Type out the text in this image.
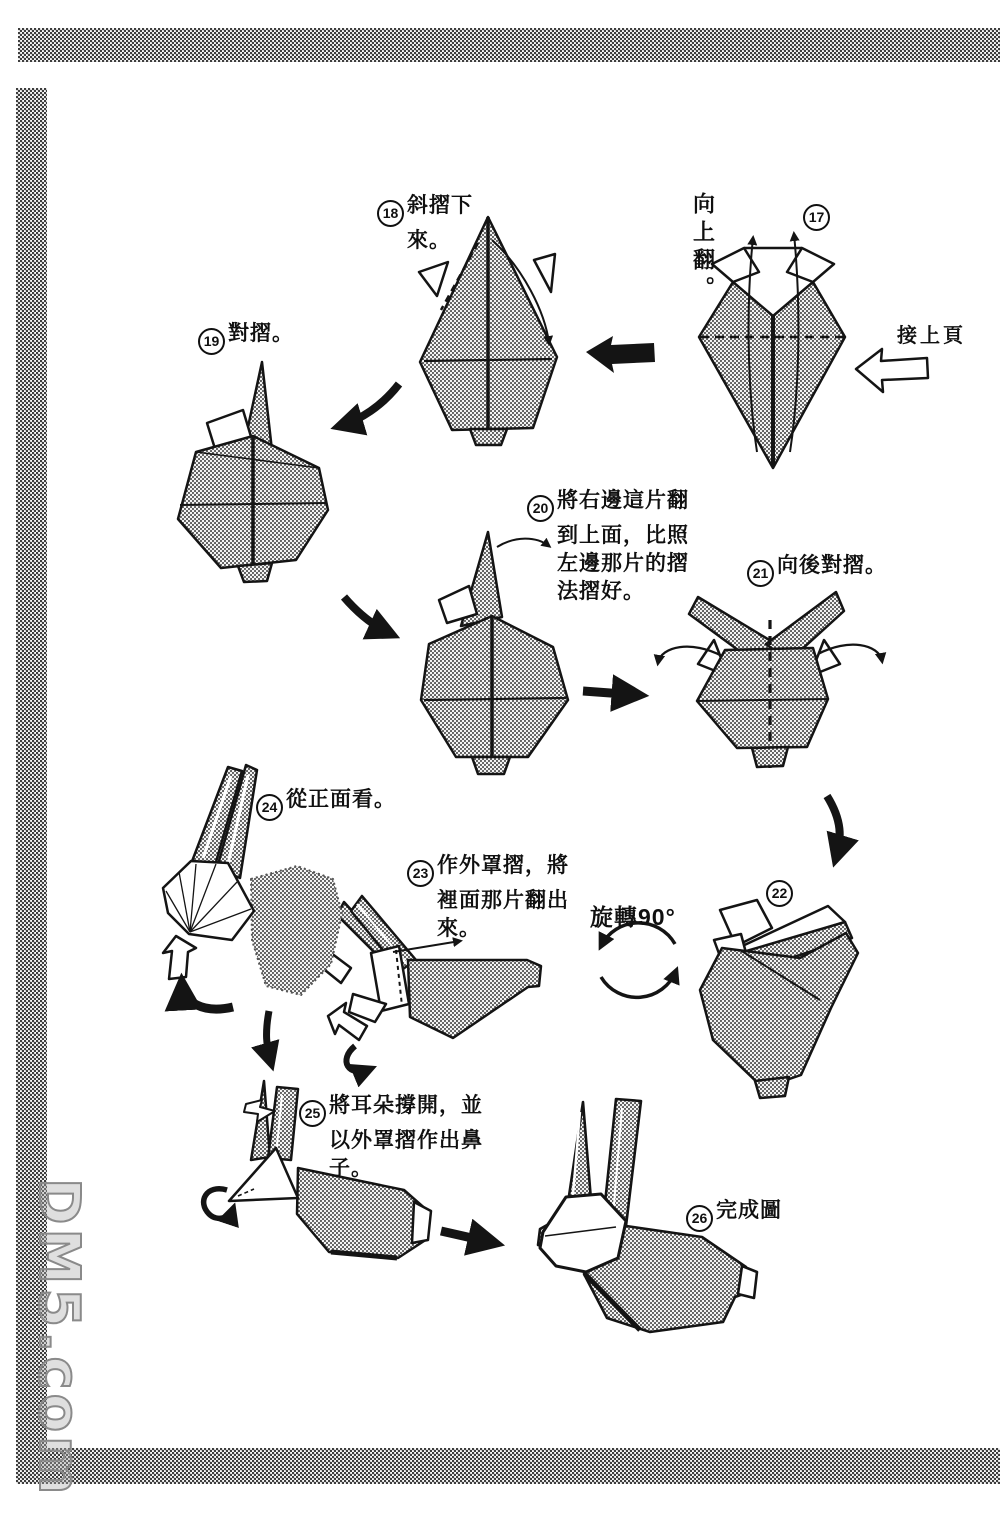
向上翻。	17
接上頁
18 斜摺下來。
19 對摺。
20 將右邊這片翻到上面，比照左邊那片的摺法摺好。
21 向後對摺。
22
23 作外罩摺，將裡面那片翻出來。	旋轉90°
24 從正面看。
25 將耳朵撐開，並以外罩摺作出鼻子。
26 完成圖
DM5.com
